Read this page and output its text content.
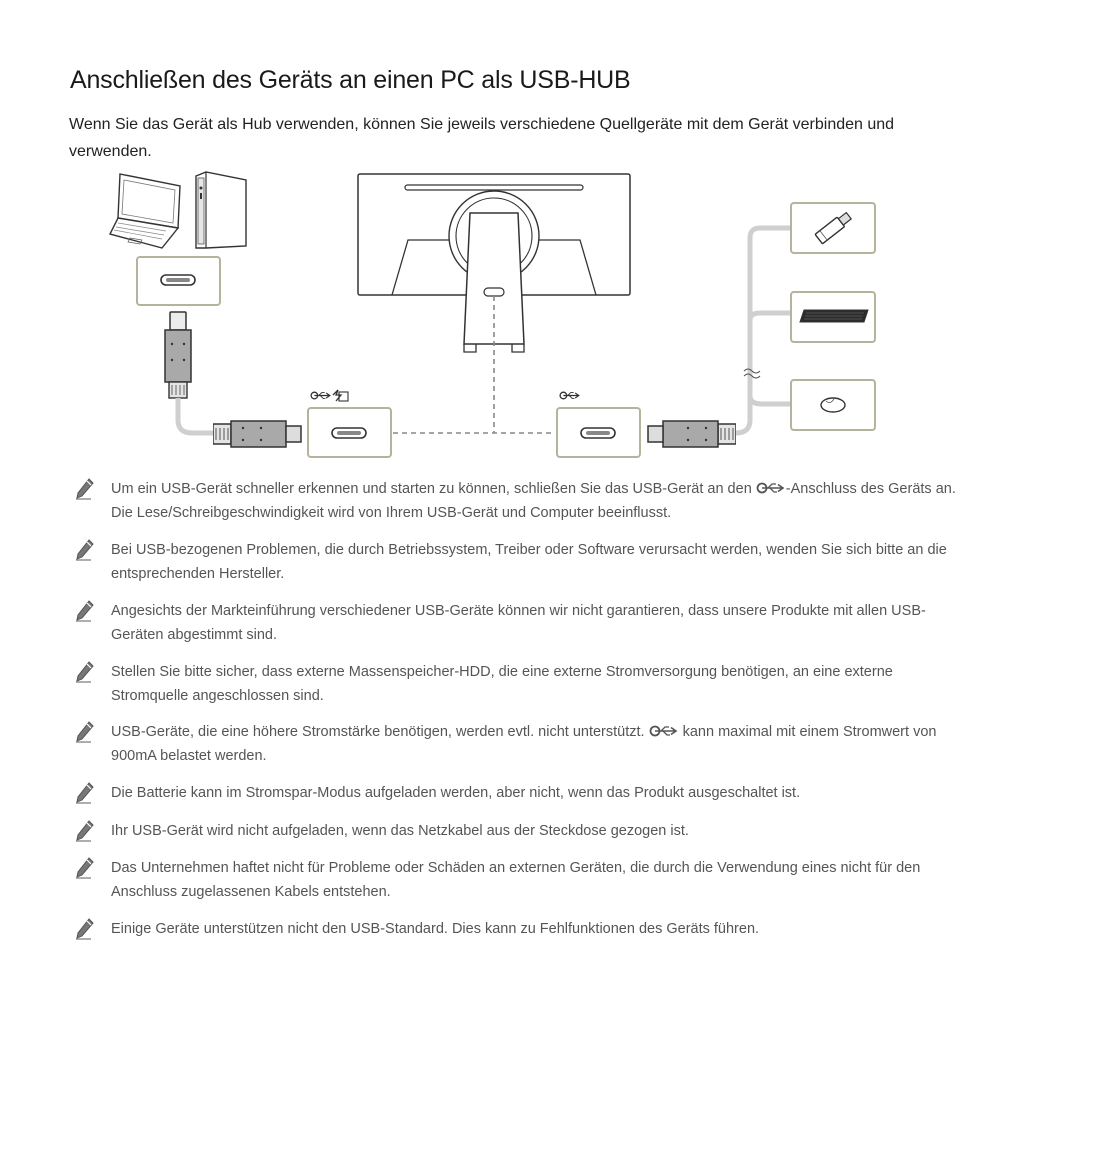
Anschließen des Geräts an einen PC als USB-HUB

Wenn Sie das Gerät als Hub verwenden, können Sie jeweils verschiedene Quellgeräte mit dem Gerät verbinden und verwenden.

Um ein USB-Gerät schneller erkennen und starten zu können, schließen Sie das USB-Gerät an den -Anschluss des Geräts an. Die Lese/Schreibgeschwindigkeit wird von Ihrem USB-Gerät und Computer beeinflusst.
Bei USB-bezogenen Problemen, die durch Betriebssystem, Treiber oder Software verursacht werden, wenden Sie sich bitte an die entsprechenden Hersteller.
Angesichts der Markteinführung verschiedener USB-Geräte können wir nicht garantieren, dass unsere Produkte mit allen USB-Geräten abgestimmt sind.
Stellen Sie bitte sicher, dass externe Massenspeicher-HDD, die eine externe Stromversorgung benötigen, an eine externe Stromquelle angeschlossen sind.
USB-Geräte, die eine höhere Stromstärke benötigen, werden evtl. nicht unterstützt.  kann maximal mit einem Stromwert von 900mA belastet werden.
Die Batterie kann im Stromspar-Modus aufgeladen werden, aber nicht, wenn das Produkt ausgeschaltet ist.
Ihr USB-Gerät wird nicht aufgeladen, wenn das Netzkabel aus der Steckdose gezogen ist.
Das Unternehmen haftet nicht für Probleme oder Schäden an externen Geräten, die durch die Verwendung eines nicht für den Anschluss zugelassenen Kabels entstehen.
Einige Geräte unterstützen nicht den USB-Standard. Dies kann zu Fehlfunktionen des Geräts führen.
